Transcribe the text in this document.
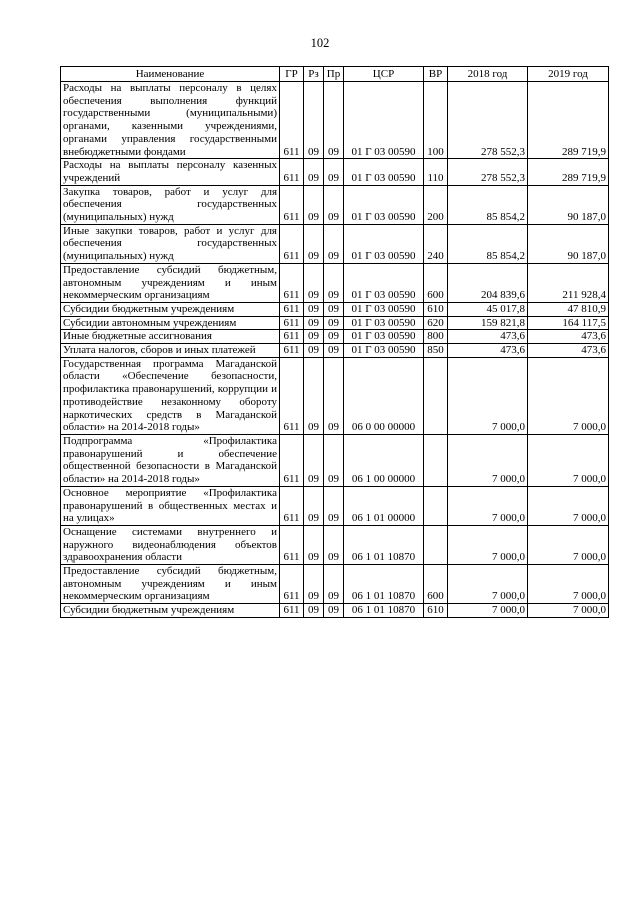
102
Наименование	ГР	Рз	Пр	ЦСР	ВР	2018 год	2019 год
Расходы на выплаты персоналу в целях обеспечения выполнения функций государственными (муниципальными) органами, казенными учреждениями, органами управления государственными внебюджетными фондами	611	09	09	01 Г 03 00590	100	278 552,3	289 719,9
Расходы на выплаты персоналу казенных учреждений	611	09	09	01 Г 03 00590	110	278 552,3	289 719,9
Закупка товаров, работ и услуг для обеспечения государственных (муниципальных) нужд	611	09	09	01 Г 03 00590	200	85 854,2	90 187,0
Иные закупки товаров, работ и услуг для обеспечения государственных (муниципальных) нужд	611	09	09	01 Г 03 00590	240	85 854,2	90 187,0
Предоставление субсидий бюджетным, автономным учреждениям и иным некоммерческим организациям	611	09	09	01 Г 03 00590	600	204 839,6	211 928,4
Субсидии бюджетным учреждениям	611	09	09	01 Г 03 00590	610	45 017,8	47 810,9
Субсидии автономным учреждениям	611	09	09	01 Г 03 00590	620	159 821,8	164 117,5
Иные бюджетные ассигнования	611	09	09	01 Г 03 00590	800	473,6	473,6
Уплата налогов, сборов и иных платежей	611	09	09	01 Г 03 00590	850	473,6	473,6
Государственная программа Магаданской области «Обеспечение безопасности, профилактика правонарушений, коррупции и противодействие незаконному обороту наркотических средств в Магаданской области» на 2014-2018 годы»	611	09	09	06 0 00 00000		7 000,0	7 000,0
Подпрограмма «Профилактика правонарушений и обеспечение общественной безопасности в Магаданской области» на 2014-2018 годы»	611	09	09	06 1 00 00000		7 000,0	7 000,0
Основное мероприятие «Профилактика правонарушений в общественных местах и на улицах»	611	09	09	06 1 01 00000		7 000,0	7 000,0
Оснащение системами внутреннего и наружного видеонаблюдения объектов здравоохранения области	611	09	09	06 1 01 10870		7 000,0	7 000,0
Предоставление субсидий бюджетным, автономным учреждениям и иным некоммерческим организациям	611	09	09	06 1 01 10870	600	7 000,0	7 000,0
Субсидии бюджетным учреждениям	611	09	09	06 1 01 10870	610	7 000,0	7 000,0
